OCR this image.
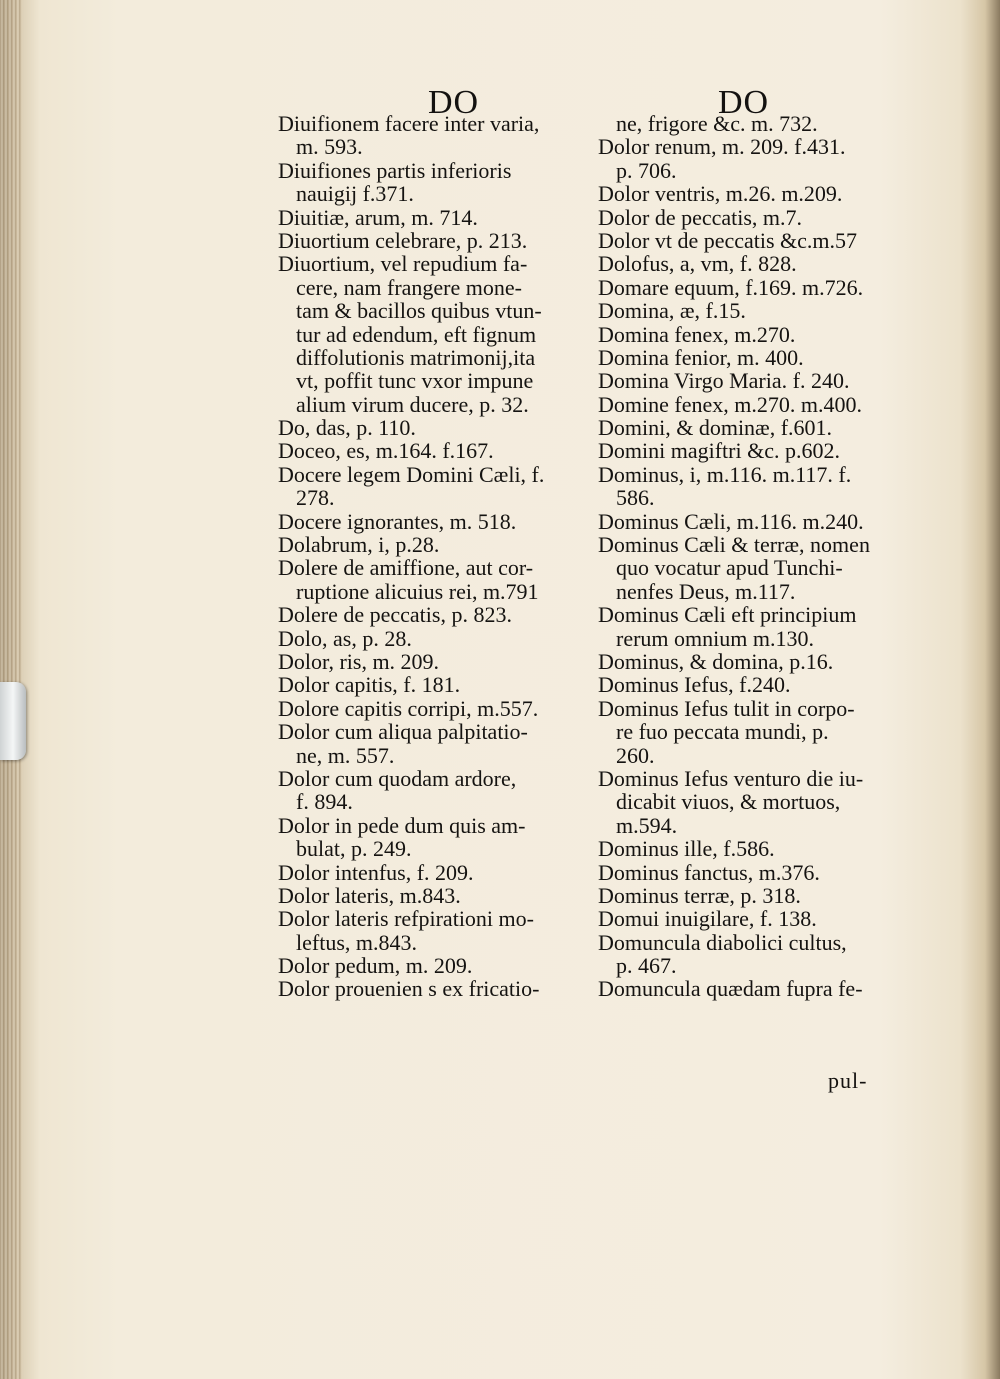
DO	DO
Diuifionem facere inter varia,
m. 593.
Diuifiones partis inferioris
nauigij f.371.
Diuitiæ, arum, m. 714.
Diuortium celebrare, p. 213.
Diuortium, vel repudium fa-
cere, nam frangere mone-
tam & bacillos quibus vtun-
tur ad edendum, eft fignum
diffolutionis matrimonij,ita
vt, poffit tunc vxor impune
alium virum ducere, p. 32.
Do, das, p. 110.
Doceo, es, m.164. f.167.
Docere legem Domini Cæli, f.
278.
Docere ignorantes, m. 518.
Dolabrum, i, p.28.
Dolere de amiffione, aut cor-
ruptione alicuius rei, m.791
Dolere de peccatis, p. 823.
Dolo, as, p. 28.
Dolor, ris, m. 209.
Dolor capitis, f. 181.
Dolore capitis corripi, m.557.
Dolor cum aliqua palpitatio-
ne, m. 557.
Dolor cum quodam ardore,
f. 894.
Dolor in pede dum quis am-
bulat, p. 249.
Dolor intenfus, f. 209.
Dolor lateris, m.843.
Dolor lateris refpirationi mo-
leftus, m.843.
Dolor pedum, m. 209.
Dolor prouenien s ex fricatio-
ne, frigore &c. m. 732.
Dolor renum, m. 209. f.431.
p. 706.
Dolor ventris, m.26. m.209.
Dolor de peccatis, m.7.
Dolor vt de peccatis &c.m.57
Dolofus, a, vm, f. 828.
Domare equum, f.169. m.726.
Domina, æ, f.15.
Domina fenex, m.270.
Domina fenior, m. 400.
Domina Virgo Maria. f. 240.
Domine fenex, m.270. m.400.
Domini, & dominæ, f.601.
Domini magiftri &c. p.602.
Dominus, i, m.116. m.117. f.
586.
Dominus Cæli, m.116. m.240.
Dominus Cæli & terræ, nomen
quo vocatur apud Tunchi-
nenfes Deus, m.117.
Dominus Cæli eft principium
rerum omnium m.130.
Dominus, & domina, p.16.
Dominus Iefus, f.240.
Dominus Iefus tulit in corpo-
re fuo peccata mundi, p.
260.
Dominus Iefus venturo die iu-
dicabit viuos, & mortuos,
m.594.
Dominus ille, f.586.
Dominus fanctus, m.376.
Dominus terræ, p. 318.
Domui inuigilare, f. 138.
Domuncula diabolici cultus,
p. 467.
Domuncula quædam fupra fe-
pul-
